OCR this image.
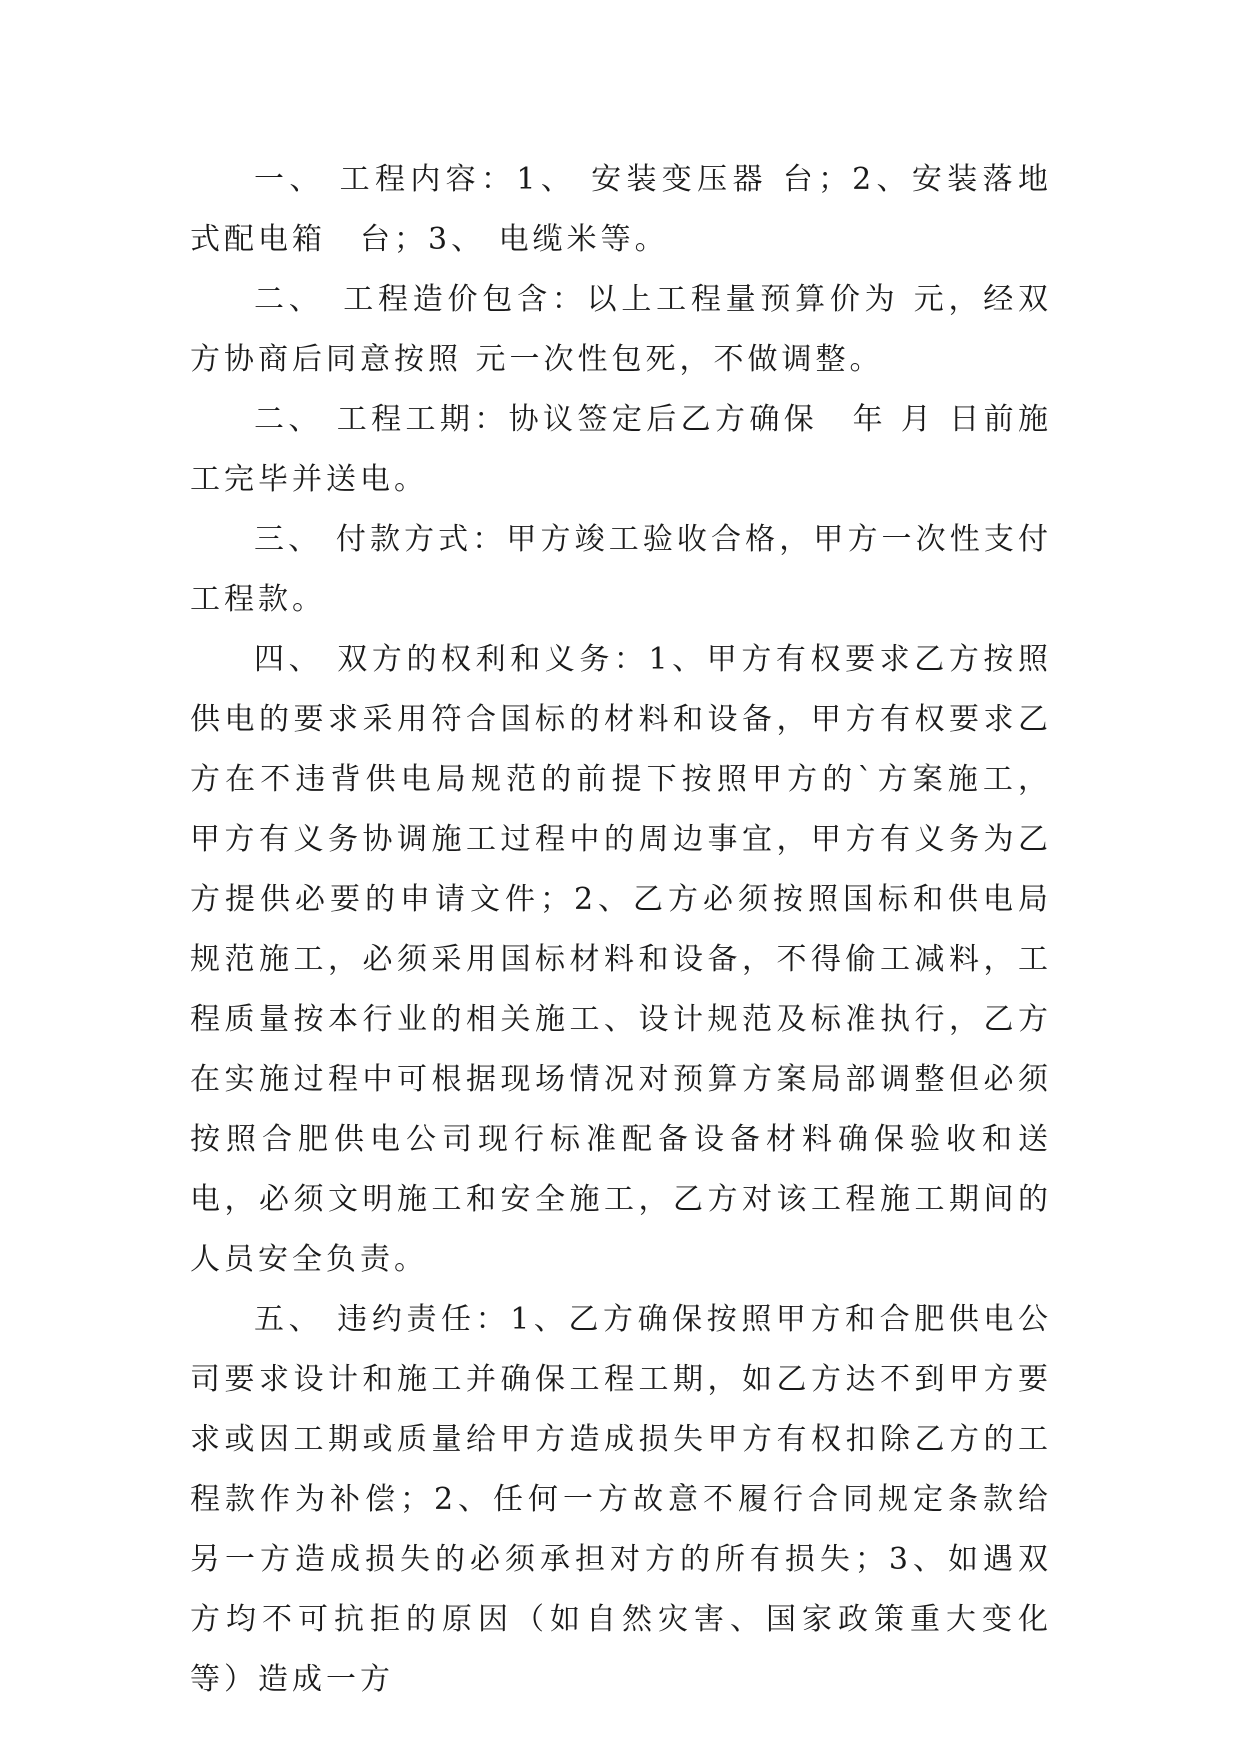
一、 工程内容：1、 安装变压器 台；2、安装落地式配电箱　台；3、 电缆米等。

二、　工程造价包含：以上工程量预算价为 元，经双方协商后同意按照 元一次性包死，不做调整。

二、 工程工期：协议签定后乙方确保　年 月 日前施工完毕并送电。

三、 付款方式：甲方竣工验收合格，甲方一次性支付工程款。

四、 双方的权利和义务：1、甲方有权要求乙方按照供电的要求采用符合国标的材料和设备，甲方有权要求乙方在不违背供电局规范的前提下按照甲方的`方案施工，甲方有义务协调施工过程中的周边事宜，甲方有义务为乙方提供必要的申请文件；2、乙方必须按照国标和供电局规范施工，必须采用国标材料和设备，不得偷工减料，工程质量按本行业的相关施工、设计规范及标准执行，乙方在实施过程中可根据现场情况对预算方案局部调整但必须按照合肥供电公司现行标准配备设备材料确保验收和送电，必须文明施工和安全施工，乙方对该工程施工期间的人员安全负责。

五、 违约责任：1、乙方确保按照甲方和合肥供电公司要求设计和施工并确保工程工期，如乙方达不到甲方要求或因工期或质量给甲方造成损失甲方有权扣除乙方的工程款作为补偿；2、任何一方故意不履行合同规定条款给另一方造成损失的必须承担对方的所有损失；3、如遇双方均不可抗拒的原因（如自然灾害、国家政策重大变化等）造成一方
